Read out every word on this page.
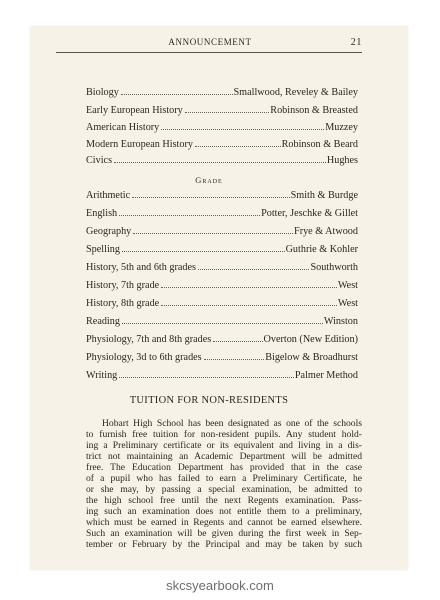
ANNOUNCEMENT	21
Biology	Smallwood, Reveley & Bailey
Early European History	Robinson & Breasted
American History	Muzzey
Modern European History	Robinson & Beard
Civics	Hughes
Grade
Arithmetic	Smith & Burdge
English	Potter, Jeschke & Gillet
Geography	Frye & Atwood
Spelling	Guthrie & Kohler
History, 5th and 6th grades	Southworth
History, 7th grade	West
History, 8th grade	West
Reading	Winston
Physiology, 7th and 8th grades	Overton (New Edition)
Physiology, 3d to 6th grades	Bigelow & Broadhurst
Writing	Palmer Method
TUITION FOR NON-RESIDENTS
Hobart High School has been designated as one of the schools
to furnish free tuition for non-resident pupils. Any student hold-
ing a Preliminary certificate or its equivalent and living in a dis-
trict not maintaining an Academic Department will be admitted
free. The Education Department has provided that in the case
of a pupil who has failed to earn a Preliminary Certificate, he
or she may, by passing a special examination, be admitted to
the high school free until the next Regents examination. Pass-
ing such an examination does not entitle them to a preliminary,
which must be earned in Regents and cannot be earned elsewhere.
Such an examination will be given during the first week in Sep-
tember or February by the Principal and may be taken by such
skcsyearbook.com
